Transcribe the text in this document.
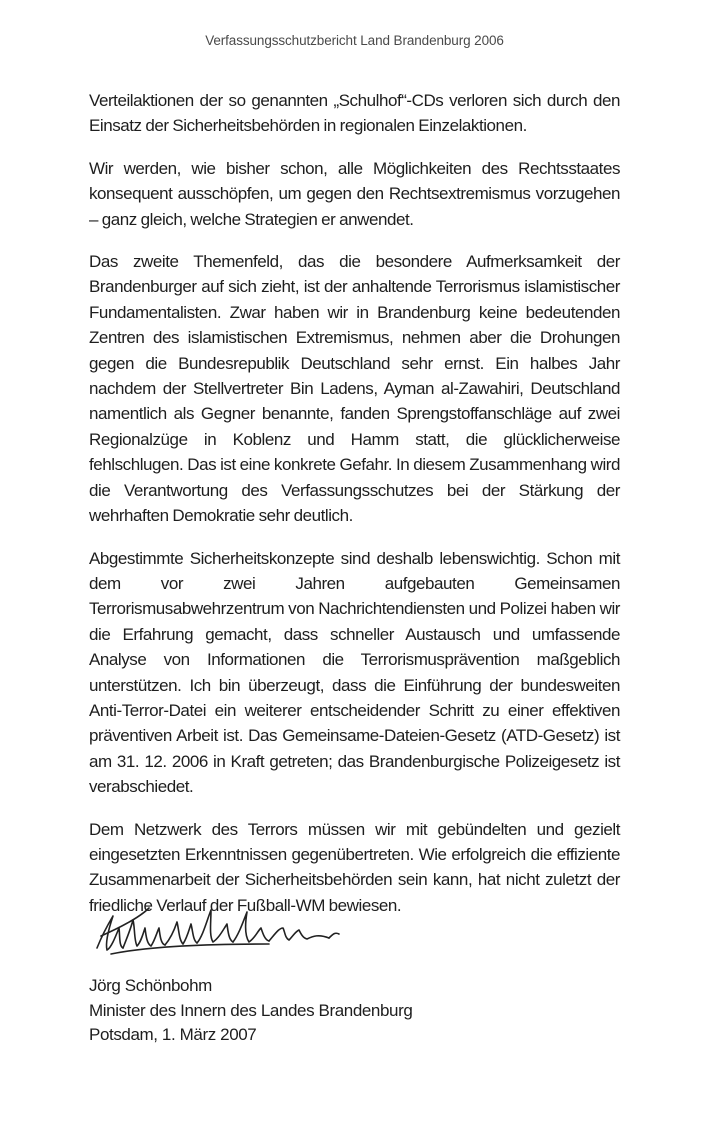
Verfassungsschutzbericht Land Brandenburg 2006

Verteilaktionen der so genannten „Schulhof“-CDs verloren sich durch den Einsatz der Sicherheitsbehörden in regionalen Einzelaktionen.

Wir werden, wie bisher schon, alle Möglichkeiten des Rechtsstaates konsequent ausschöpfen, um gegen den Rechtsextremismus vorzugehen – ganz gleich, welche Strategien er anwendet.

Das zweite Themenfeld, das die besondere Aufmerksamkeit der Brandenburger auf sich zieht, ist der anhaltende Terrorismus islamistischer Fundamentalisten. Zwar haben wir in Brandenburg keine bedeutenden Zentren des islamistischen Extremismus, nehmen aber die Drohungen gegen die Bundesrepublik Deutschland sehr ernst. Ein halbes Jahr nachdem der Stellvertreter Bin Ladens, Ayman al-Zawahiri, Deutschland namentlich als Gegner benannte, fanden Sprengstoffanschläge auf zwei Regionalzüge in Koblenz und Hamm statt, die glücklicherweise fehlschlugen. Das ist eine konkrete Gefahr. In diesem Zusammenhang wird die Verantwortung des Verfassungsschutzes bei der Stärkung der wehrhaften Demokratie sehr deutlich.

Abgestimmte Sicherheitskonzepte sind deshalb lebenswichtig. Schon mit dem vor zwei Jahren aufgebauten Gemeinsamen Terrorismusabwehrzentrum von Nachrichtendiensten und Polizei haben wir die Erfahrung gemacht, dass schneller Austausch und umfassende Analyse von Informationen die Terrorismusprävention maßgeblich unterstützen. Ich bin überzeugt, dass die Einführung der bundesweiten Anti-Terror-Datei ein weiterer entscheidender Schritt zu einer effektiven präventiven Arbeit ist. Das Gemeinsame-Dateien-Gesetz (ATD-Gesetz) ist am 31. 12. 2006 in Kraft getreten; das Brandenburgische Polizeigesetz ist verabschiedet.

Dem Netzwerk des Terrors müssen wir mit gebündelten und gezielt eingesetzten Erkenntnissen gegenübertreten. Wie erfolgreich die effiziente Zusammenarbeit der Sicherheitsbehörden sein kann, hat nicht zuletzt der friedliche Verlauf der Fußball-WM bewiesen.

Jörg Schönbohm
Minister des Innern des Landes Brandenburg
Potsdam, 1. März 2007
